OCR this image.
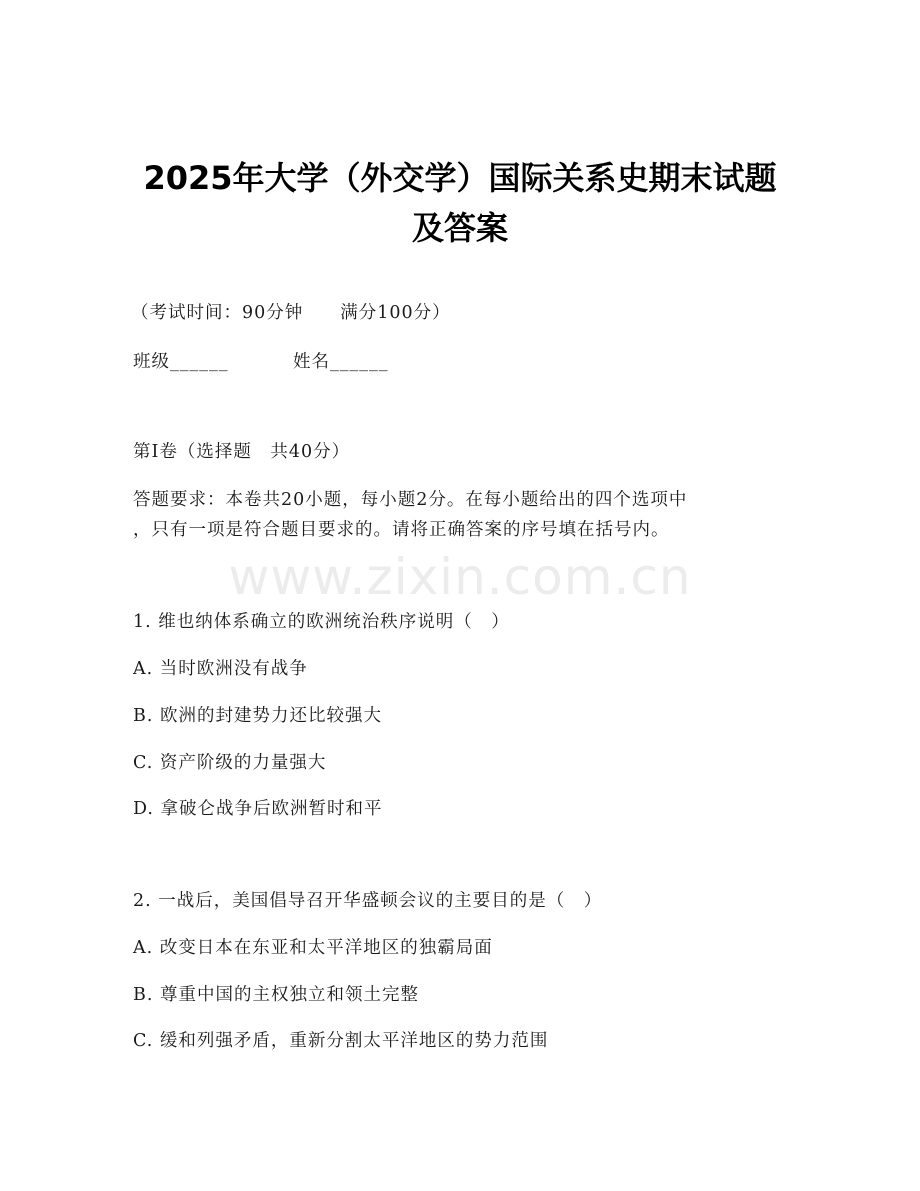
www.zixin.com.cn
2025年大学（外交学）国际关系史期末试题
及答案
（考试时间：90分钟　　满分100分）
班级______	姓名______
第Ⅰ卷（选择题　共40分）
答题要求：本卷共20小题，每小题2分。在每小题给出的四个选项中
，只有一项是符合题目要求的。请将正确答案的序号填在括号内。
1. 维也纳体系确立的欧洲统治秩序说明（　）
A. 当时欧洲没有战争
B. 欧洲的封建势力还比较强大
C. 资产阶级的力量强大
D. 拿破仑战争后欧洲暂时和平
2. 一战后，美国倡导召开华盛顿会议的主要目的是（　）
A. 改变日本在东亚和太平洋地区的独霸局面
B. 尊重中国的主权独立和领土完整
C. 缓和列强矛盾，重新分割太平洋地区的势力范围
